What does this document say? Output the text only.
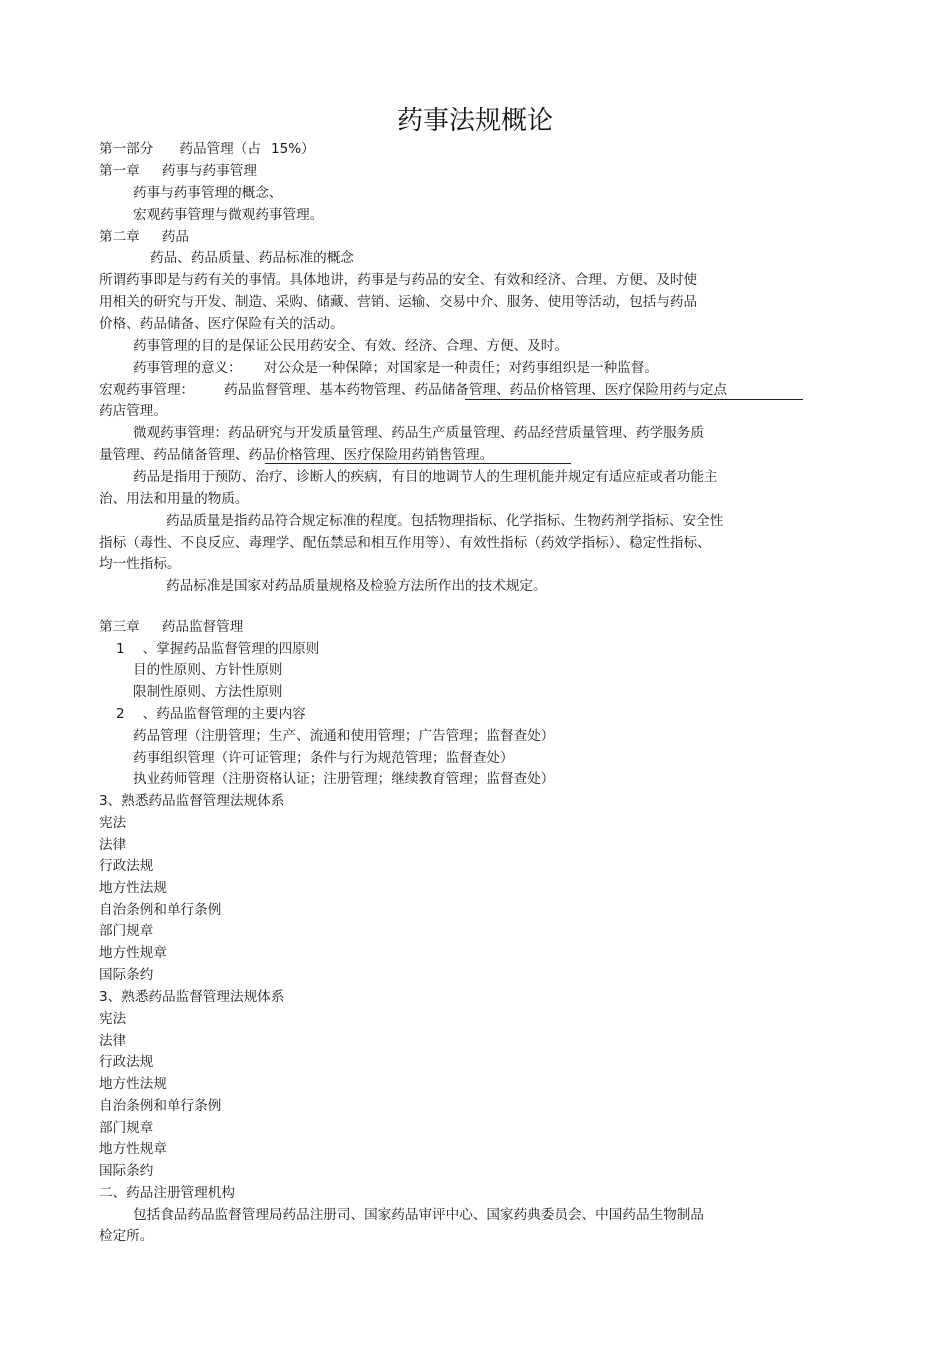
药事法规概论
第一部分 药品管理（占 15%）
第一章 药事与药事管理
药事与药事管理的概念、
宏观药事管理与微观药事管理。
第二章 药品
药品、药品质量、药品标准的概念
所谓药事即是与药有关的事情。具体地讲，药事是与药品的安全、有效和经济、合理、方便、及时使
用相关的研究与开发、制造、采购、储藏、营销、运输、交易中介、服务、使用等活动，包括与药品
价格、药品储备、医疗保险有关的活动。
药事管理的目的是保证公民用药安全、有效、经济、合理、方便、及时。
药事管理的意义： 对公众是一种保障；对国家是一种责任；对药事组织是一种监督。
宏观药事管理： 药品监督管理、基本药物管理、药品储备管理、药品价格管理、医疗保险用药与定点
药店管理。
微观药事管理：药品研究与开发质量管理、药品生产质量管理、药品经营质量管理、药学服务质
量管理、药品储备管理、药品价格管理、医疗保险用药销售管理。
药品是指用于预防、治疗、诊断人的疾病，有目的地调节人的生理机能并规定有适应症或者功能主
治、用法和用量的物质。
药品质量是指药品符合规定标准的程度。包括物理指标、化学指标、生物药剂学指标、安全性
指标（毒性、不良反应、毒理学、配伍禁忌和相互作用等）、有效性指标（药效学指标）、稳定性指标、
均一性指标。
药品标准是国家对药品质量规格及检验方法所作出的技术规定。
第三章 药品监督管理
1 、掌握药品监督管理的四原则
目的性原则、方针性原则
限制性原则、方法性原则
2 、药品监督管理的主要内容
药品管理（注册管理；生产、流通和使用管理；广告管理；监督查处）
药事组织管理（许可证管理；条件与行为规范管理；监督查处）
执业药师管理（注册资格认证；注册管理；继续教育管理；监督查处）
3、熟悉药品监督管理法规体系
宪法
法律
行政法规
地方性法规
自治条例和单行条例
部门规章
地方性规章
国际条约
3、熟悉药品监督管理法规体系
宪法
法律
行政法规
地方性法规
自治条例和单行条例
部门规章
地方性规章
国际条约
二、药品注册管理机构
包括食品药品监督管理局药品注册司、国家药品审评中心、国家药典委员会、中国药品生物制品
检定所。
